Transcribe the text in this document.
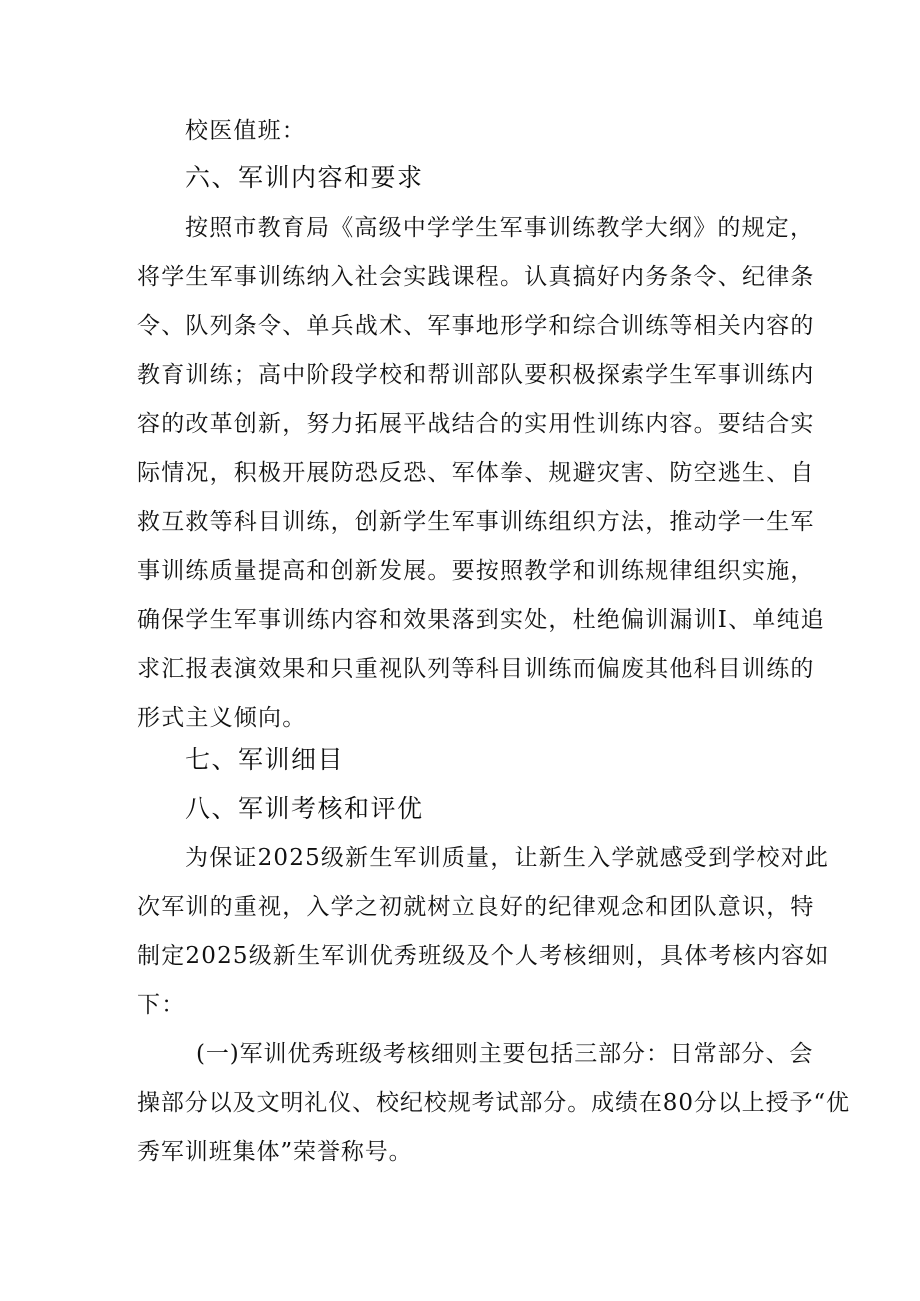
校医值班：
六、军训内容和要求
按照市教育局《高级中学学生军事训练教学大纲》的规定，
将学生军事训练纳入社会实践课程。认真搞好内务条令、纪律条
令、队列条令、单兵战术、军事地形学和综合训练等相关内容的
教育训练；高中阶段学校和帮训部队要积极探索学生军事训练内
容的改革创新，努力拓展平战结合的实用性训练内容。要结合实
际情况，积极开展防恐反恐、军体拳、规避灾害、防空逃生、自
救互救等科目训练，创新学生军事训练组织方法，推动学一生军
事训练质量提高和创新发展。要按照教学和训练规律组织实施，
确保学生军事训练内容和效果落到实处，杜绝偏训漏训I、单纯追
求汇报表演效果和只重视队列等科目训练而偏废其他科目训练的
形式主义倾向。
七、军训细目
八、军训考核和评优
为保证2025级新生军训质量，让新生入学就感受到学校对此
次军训的重视，入学之初就树立良好的纪律观念和团队意识，特
制定2025级新生军训优秀班级及个人考核细则，具体考核内容如
下：
(一)军训优秀班级考核细则主要包括三部分：日常部分、会
操部分以及文明礼仪、校纪校规考试部分。成绩在80分以上授予“优
秀军训班集体”荣誉称号。
